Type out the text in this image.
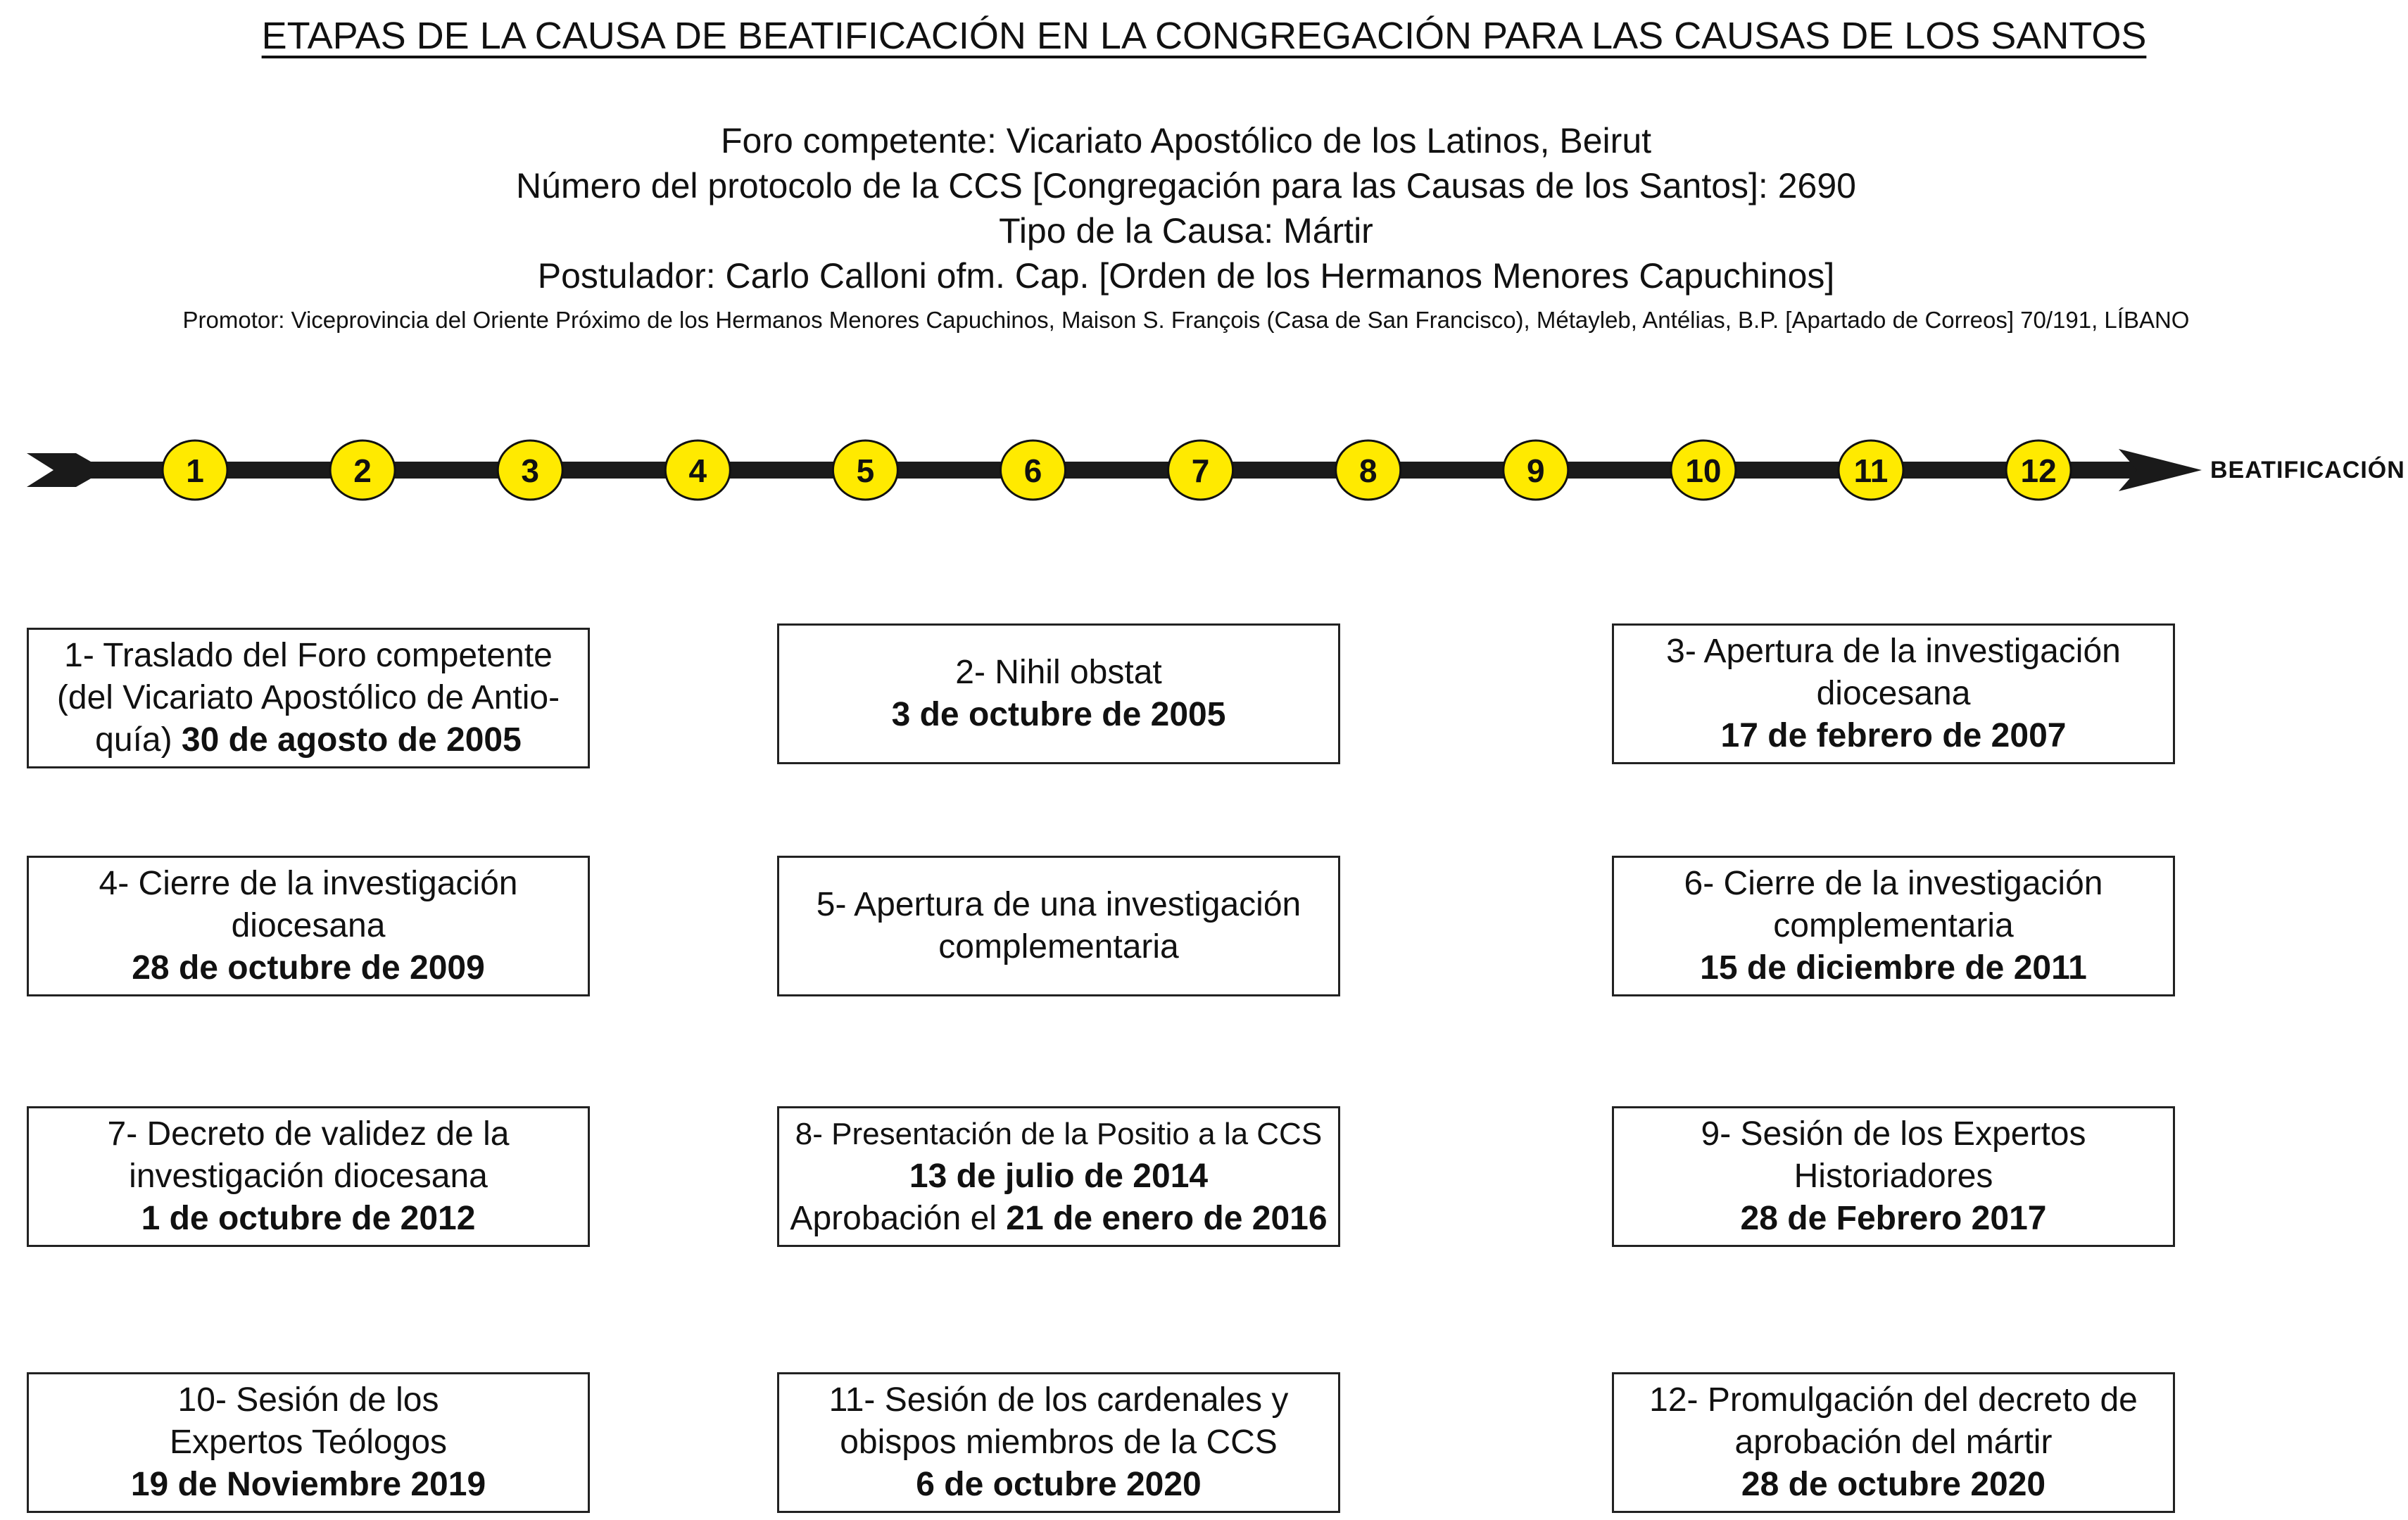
ETAPAS DE LA CAUSA DE BEATIFICACIÓN EN LA CONGREGACIÓN PARA LAS CAUSAS DE LOS SANTOS
Foro competente: Vicariato Apostólico de los Latinos, Beirut
Número del protocolo de la CCS [Congregación para las Causas de los Santos]: 2690
Tipo de la Causa: Mártir
Postulador: Carlo Calloni ofm. Cap. [Orden de los Hermanos Menores Capuchinos]
Promotor: Viceprovincia del Oriente Próximo de los Hermanos Menores Capuchinos, Maison S. François (Casa de San Francisco), Métayleb, Antélias, B.P. [Apartado de Correos] 70/191, LÍBANO
1	2	3	4	5	6	7	8	9	10	11	12	BEATIFICACIÓN
1- Traslado del Foro competente
(del Vicariato Apostólico de Antio-
quía) 30 de agosto de 2005
2- Nihil obstat
3 de octubre de 2005
3- Apertura de la investigación
diocesana
17 de febrero de 2007
4- Cierre de la investigación
diocesana
28 de octubre de 2009
5- Apertura de una investigación
complementaria
6- Cierre de la investigación
complementaria
15 de diciembre de 2011
7- Decreto de validez de la
investigación diocesana
1 de octubre de 2012
8- Presentación de la Positio a la CCS
13 de julio de 2014
Aprobación el 21 de enero de 2016
9- Sesión de los Expertos
Historiadores
28 de Febrero 2017
10- Sesión de los
Expertos Teólogos
19 de Noviembre 2019
11- Sesión de los cardenales y
obispos miembros de la CCS
6 de octubre 2020
12- Promulgación del decreto de
aprobación del mártir
28 de octubre 2020
